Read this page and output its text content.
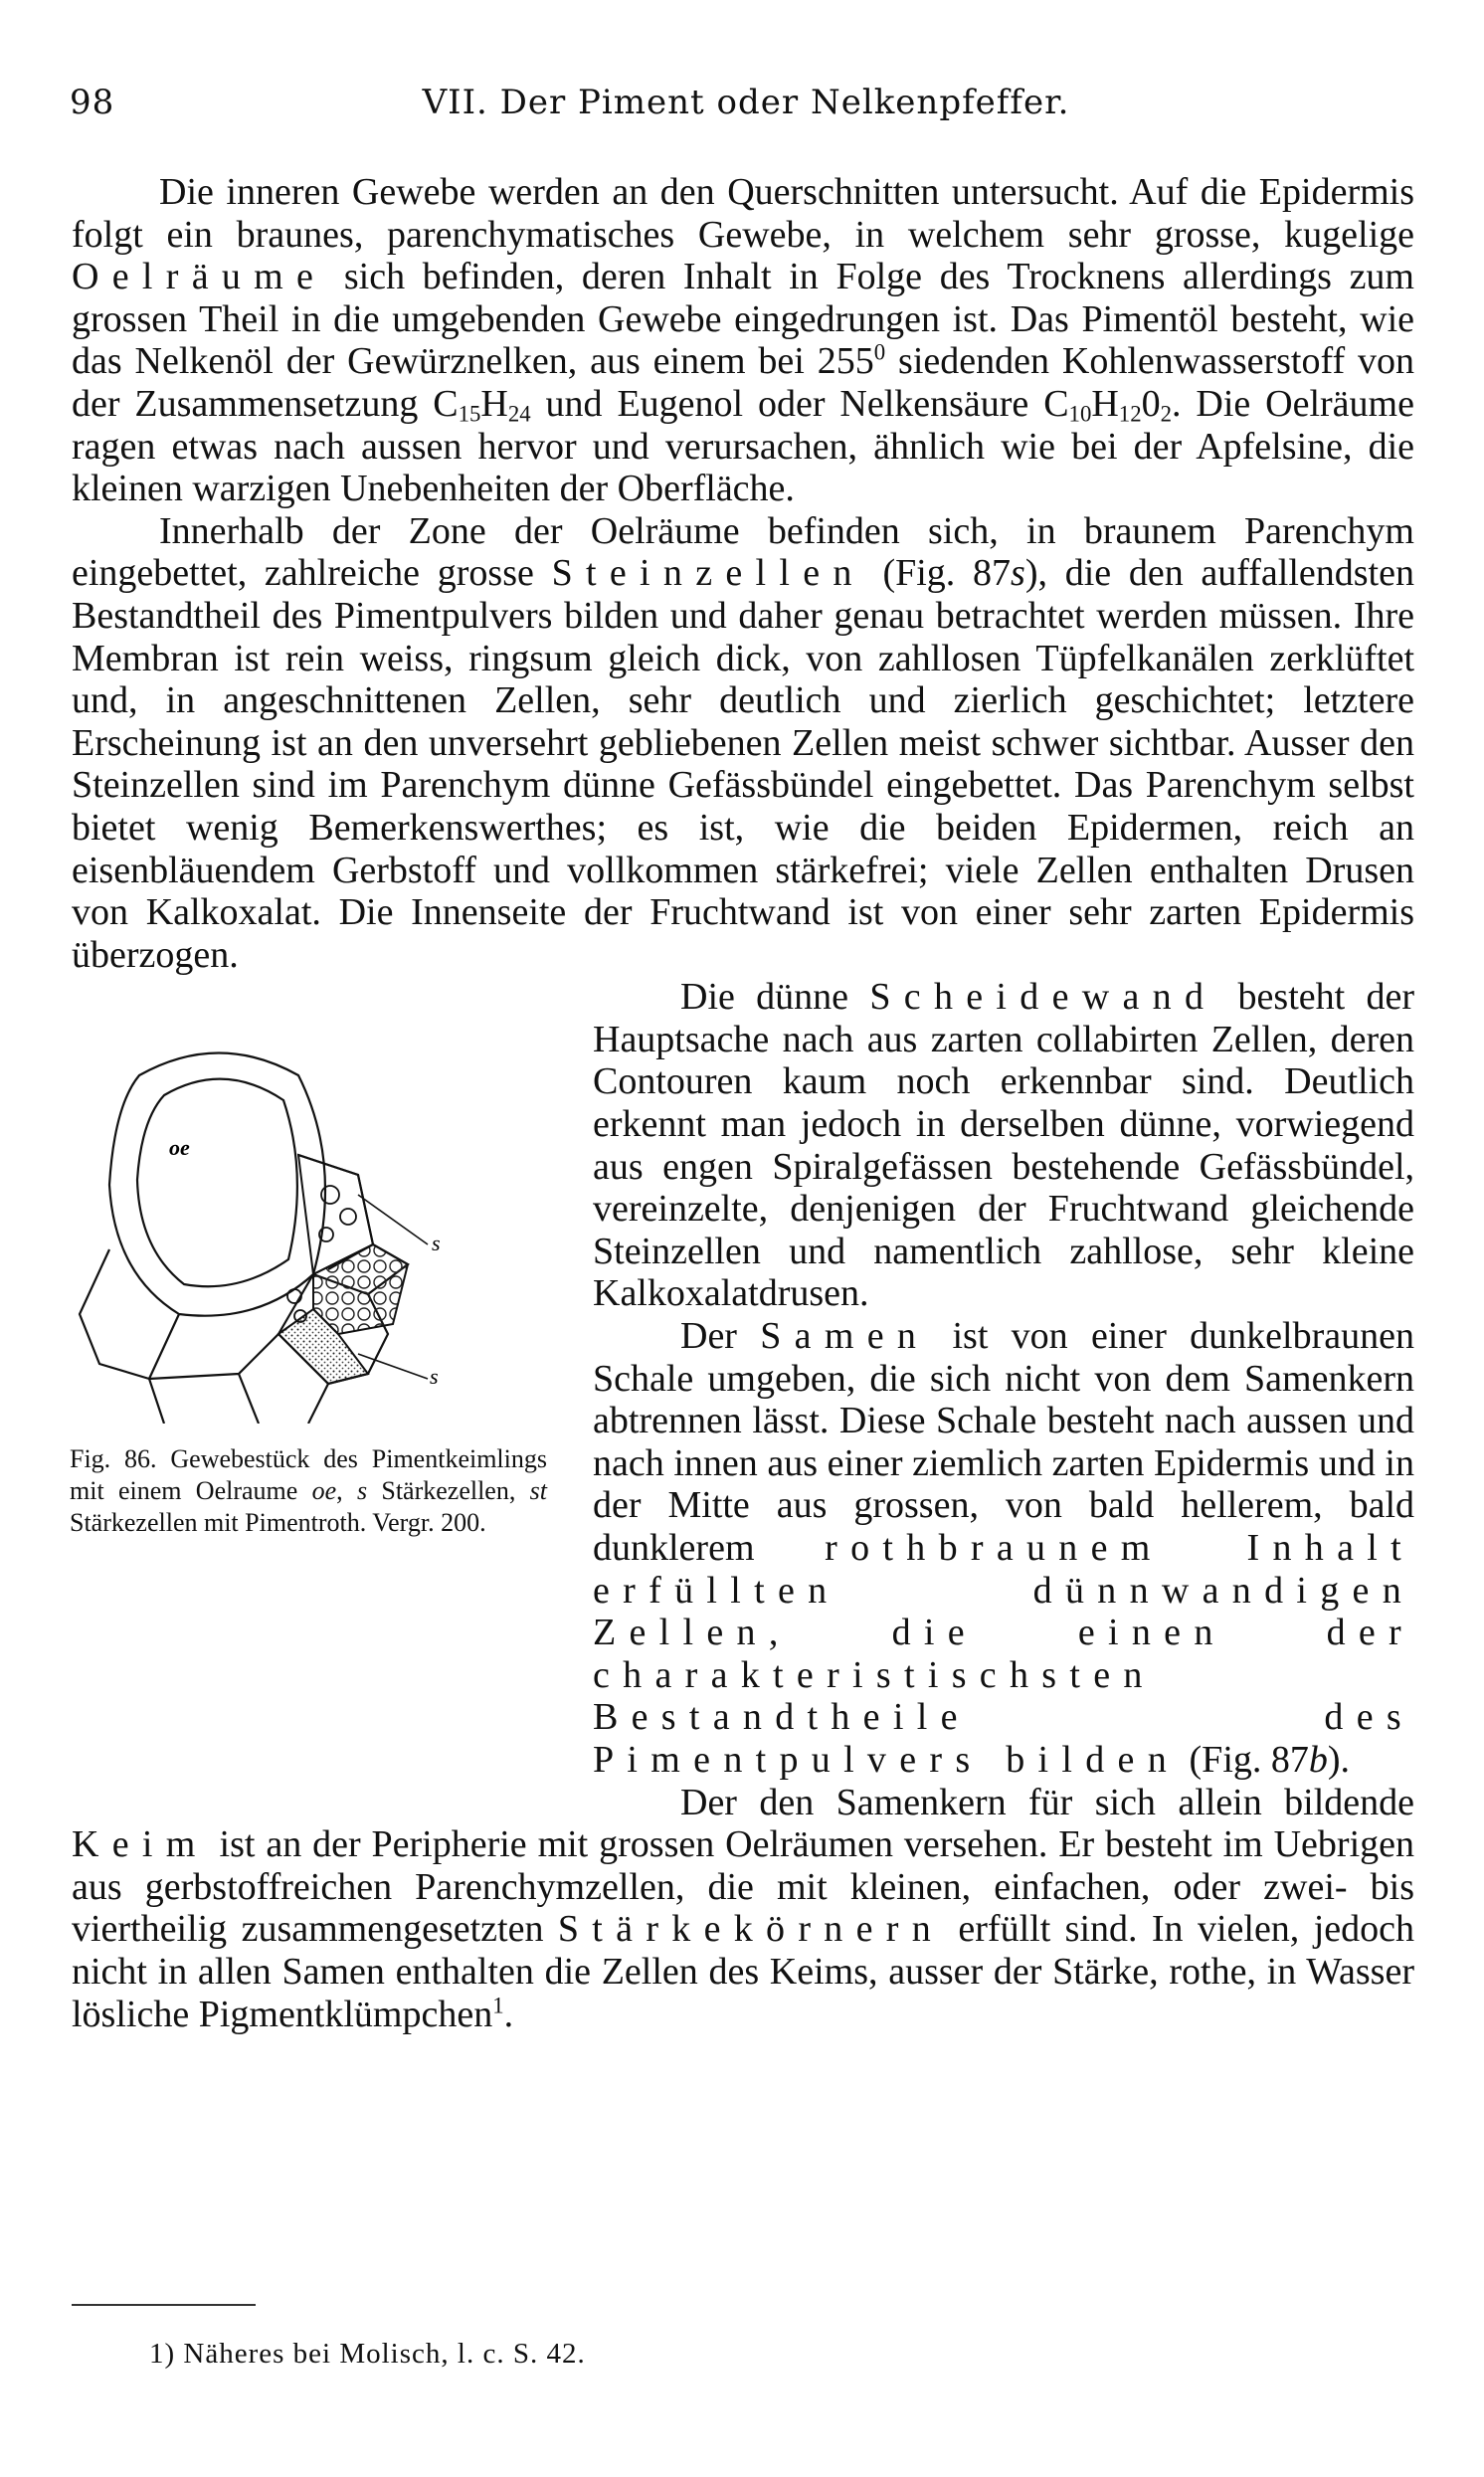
98	VII. Der Piment oder Nelkenpfeffer.

Die inneren Gewebe werden an den Querschnitten untersucht. Auf die Epidermis folgt ein braunes, parenchymatisches Gewebe, in welchem sehr grosse, kugelige Oelräume sich befinden, deren Inhalt in Folge des Trocknens allerdings zum grossen Theil in die umgebenden Gewebe eingedrungen ist. Das Pimentöl besteht, wie das Nelkenöl der Gewürznelken, aus einem bei $255^0$ siedenden Kohlenwasserstoff von der Zusammensetzung $C_{15}H_{24}$ und Eugenol oder Nelkensäure $C_{10}H_{12}0_2$. Die Oelräume ragen etwas nach aussen hervor und verursachen, ähnlich wie bei der Apfelsine, die kleinen warzigen Unebenheiten der Oberfläche.

Innerhalb der Zone der Oelräume befinden sich, in braunem Parenchym eingebettet, zahlreiche grosse Steinzellen (Fig. 87s), die den auffallendsten Bestandtheil des Pimentpulvers bilden und daher genau betrachtet werden müssen. Ihre Membran ist rein weiss, ringsum gleich dick, von zahllosen Tüpfelkanälen zerklüftet und, in angeschnittenen Zellen, sehr deutlich und zierlich geschichtet; letztere Erscheinung ist an den unversehrt gebliebenen Zellen meist schwer sichtbar. Ausser den Steinzellen sind im Parenchym dünne Gefässbündel eingebettet. Das Parenchym selbst bietet wenig Bemerkenswerthes; es ist, wie die beiden Epidermen, reich an eisenbläuendem Gerbstoff und vollkommen stärkefrei; viele Zellen enthalten Drusen von Kalkoxalat. Die Innenseite der Fruchtwand ist von einer sehr zarten Epidermis überzogen.

oe
s
s

Fig. 86. Gewebestück des Pimentkeimlings mit einem Oelraume oe, s Stärkezellen, st Stärkezellen mit Pimentroth. Vergr. 200.

Die dünne Scheidewand besteht der Hauptsache nach aus zarten collabirten Zellen, deren Contouren kaum noch erkennbar sind. Deutlich erkennt man jedoch in derselben dünne, vorwiegend aus engen Spiralgefässen bestehende Gefässbündel, vereinzelte, denjenigen der Fruchtwand gleichende Steinzellen und namentlich zahllose, sehr kleine Kalkoxalatdrusen.

Der Samen ist von einer dunkelbraunen Schale umgeben, die sich nicht von dem Samenkern abtrennen lässt. Diese Schale besteht nach aussen und nach innen aus einer ziemlich zarten Epidermis und in der Mitte aus grossen, von bald hellerem, bald dunklerem rothbraunem Inhalt erfüllten dünnwandigen Zellen, die einen der charakteristischsten Bestandtheile des Pimentpulvers bilden (Fig. 87b).

Der den Samenkern für sich allein bildende Keim ist an der Peripherie mit grossen Oelräumen versehen. Er besteht im Uebrigen aus gerbstoffreichen Parenchymzellen, die mit kleinen, einfachen, oder zwei- bis viertheilig zusammengesetzten Stärkekörnern erfüllt sind. In vielen, jedoch nicht in allen Samen enthalten die Zellen des Keims, ausser der Stärke, rothe, in Wasser lösliche Pigmentklümpchen$^1$.

1) Näheres bei Molisch, l. c. S. 42.
